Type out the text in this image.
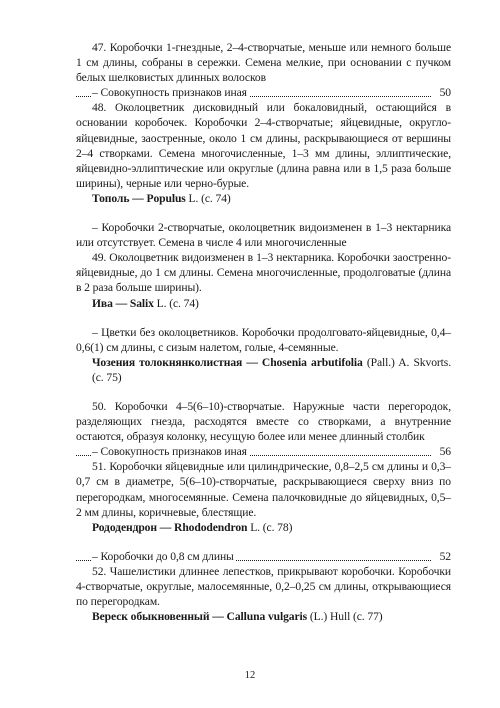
47. Коробочки 1-гнездные, 2–4-створчатые, меньше или немного больше 1 см длины, собраны в сережки. Семена мелкие, при основании с пучком белых шелковистых длинных волосков

– Совокупность признаков иная	50

48. Околоцветник дисковидный или бокаловидный, остающийся в основании коробочек. Коробочки 2–4-створчатые; яйцевидные, округло-яйцевидные, заостренные, около 1 см длины, раскрывающиеся от вершины 2–4 створками. Семена многочисленные, 1–3 мм длины, эллиптические, яйцевидно-эллиптические или округлые (длина равна или в 1,5 раза больше ширины), черные или черно-бурые.

Тополь — Populus L. (с. 74)

– Коробочки 2-створчатые, околоцветник видоизменен в 1–3 нектарника или отсутствует. Семена в числе 4 или многочисленные

49. Околоцветник видоизменен в 1–3 нектарника. Коробочки заостренно-яйцевидные, до 1 см длины. Семена многочисленные, продолговатые (длина в 2 раза больше ширины).

Ива — Salix L. (с. 74)

– Цветки без околоцветников. Коробочки продолговато-яйцевидные, 0,4–0,6(1) см длины, с сизым налетом, голые, 4-семянные.

Чозения толокнянколистная — Chosenia arbutifolia (Pall.) A. Skvorts. (с. 75)

50. Коробочки 4–5(6–10)-створчатые. Наружные части перегородок, разделяющих гнезда, расходятся вместе со створками, а внутренние остаются, образуя колонку, несущую более или менее длинный столбик

– Совокупность признаков иная	56

51. Коробочки яйцевидные или цилиндрические, 0,8–2,5 см длины и 0,3–0,7 см в диаметре, 5(6–10)-створчатые, раскрывающиеся сверху вниз по перегородкам, многосемянные. Семена палочковидные до яйцевидных, 0,5–2 мм длины, коричневые, блестящие.

Рододендрон — Rhododendron L. (с. 78)

– Коробочки до 0,8 см длины	52

52. Чашелистики длиннее лепестков, прикрывают коробочки. Коробочки 4-створчатые, округлые, малосемянные, 0,2–0,25 см длины, открывающиеся по перегородкам.

Вереск обыкновенный — Calluna vulgaris (L.) Hull (с. 77)

12
